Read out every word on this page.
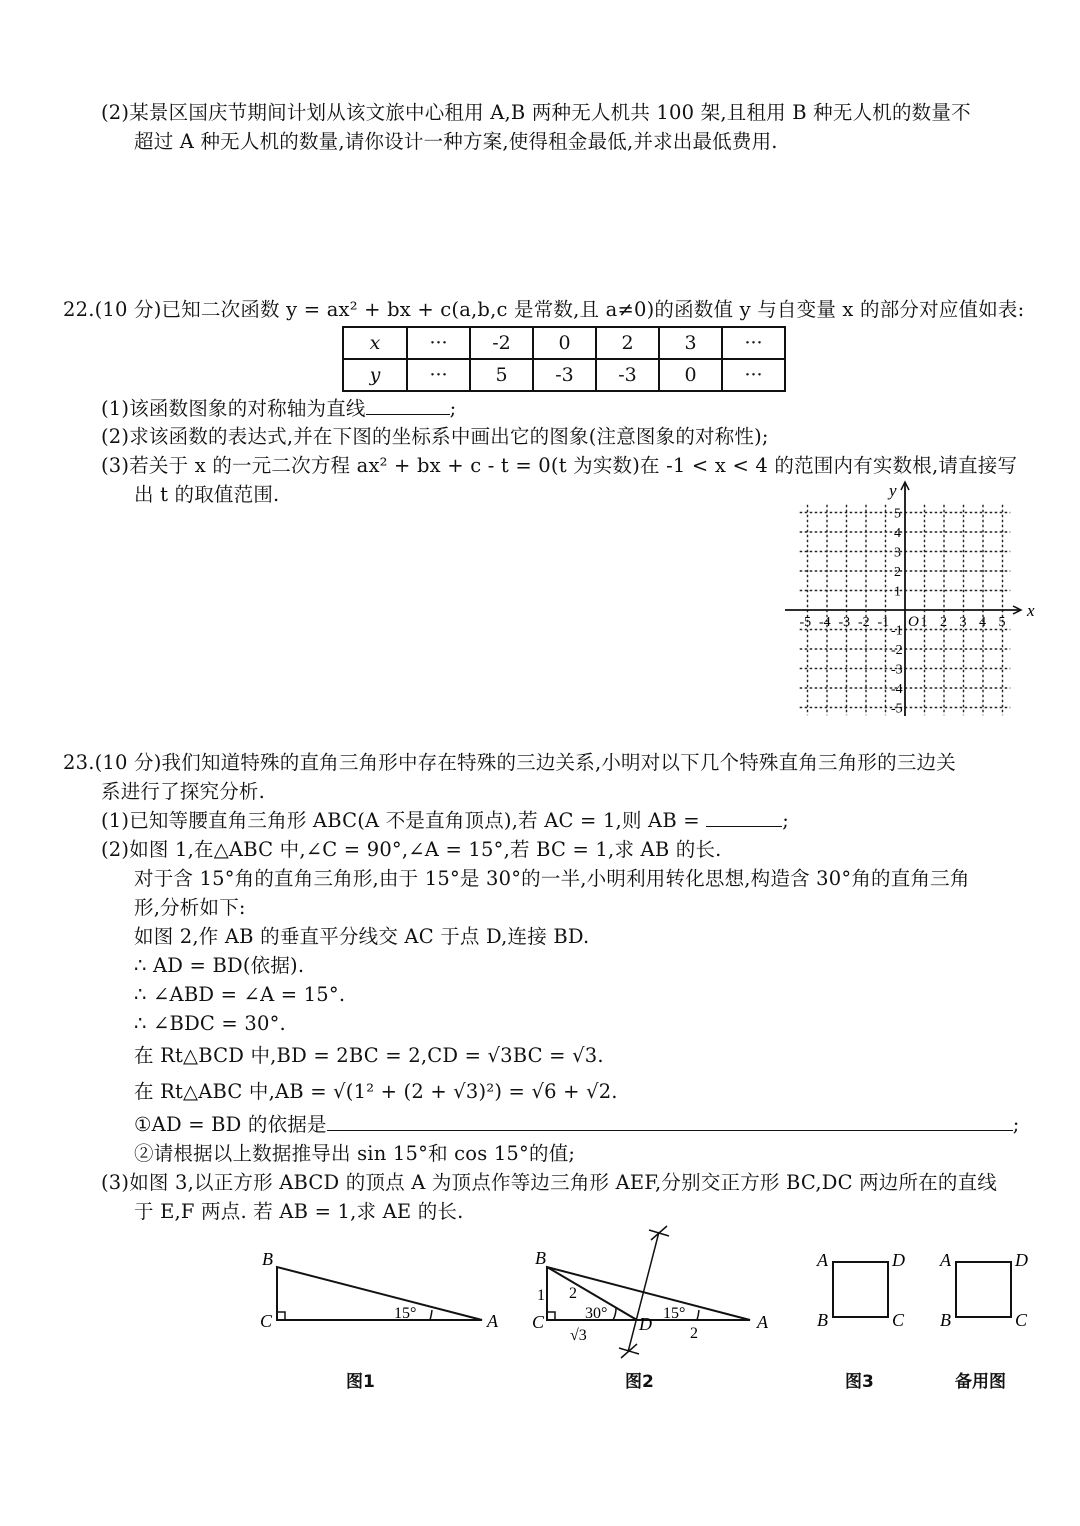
(2)某景区国庆节期间计划从该文旅中心租用 A,B 两种无人机共 100 架,且租用 B 种无人机的数量不
超过 A 种无人机的数量,请你设计一种方案,使得租金最低,并求出最低费用.
22.(10 分)已知二次函数 y = ax² + bx + c(a,b,c 是常数,且 a≠0)的函数值 y 与自变量 x 的部分对应值如表:
x	···	-2	0	2	3	···
y	···	5	-3	-3	0	···
(1)该函数图象的对称轴为直线	;
(2)求该函数的表达式,并在下图的坐标系中画出它的图象(注意图象的对称性);
(3)若关于 x 的一元二次方程 ax² + bx + c - t = 0(t 为实数)在 -1 < x < 4 的范围内有实数根,请直接写
出 t 的取值范围.
x
y
O
-5 -4 -3 -2 -1 1 2 3 4 5
5
4
3
2
1
-1
-2
-3
-4
-5
23.(10 分)我们知道特殊的直角三角形中存在特殊的三边关系,小明对以下几个特殊直角三角形的三边关
系进行了探究分析.
(1)已知等腰直角三角形 ABC(A 不是直角顶点),若 AC = 1,则 AB =	;
(2)如图 1,在△ABC 中,∠C = 90°,∠A = 15°,若 BC = 1,求 AB 的长.
对于含 15°角的直角三角形,由于 15°是 30°的一半,小明利用转化思想,构造含 30°角的直角三角
形,分析如下:
如图 2,作 AB 的垂直平分线交 AC 于点 D,连接 BD.
∴ AD = BD(依据).
∴ ∠ABD = ∠A = 15°.
∴ ∠BDC = 30°.
在 Rt△BCD 中,BD = 2BC = 2,CD = √3BC = √3.
在 Rt△ABC 中,AB = √(1² + (2 + √3)²) = √6 + √2.
①AD = BD 的依据是	;
②请根据以上数据推导出 sin 15°和 cos 15°的值;
(3)如图 3,以正方形 ABCD 的顶点 A 为顶点作等边三角形 AEF,分别交正方形 BC,DC 两边所在的直线
于 E,F 两点. 若 AB = 1,求 AE 的长.
B
C	A
15°
图1
B
C	A
D
1 2
30°	15°
√3	2
图2
A	D
B	C
图3
A	D
B	C
备用图
